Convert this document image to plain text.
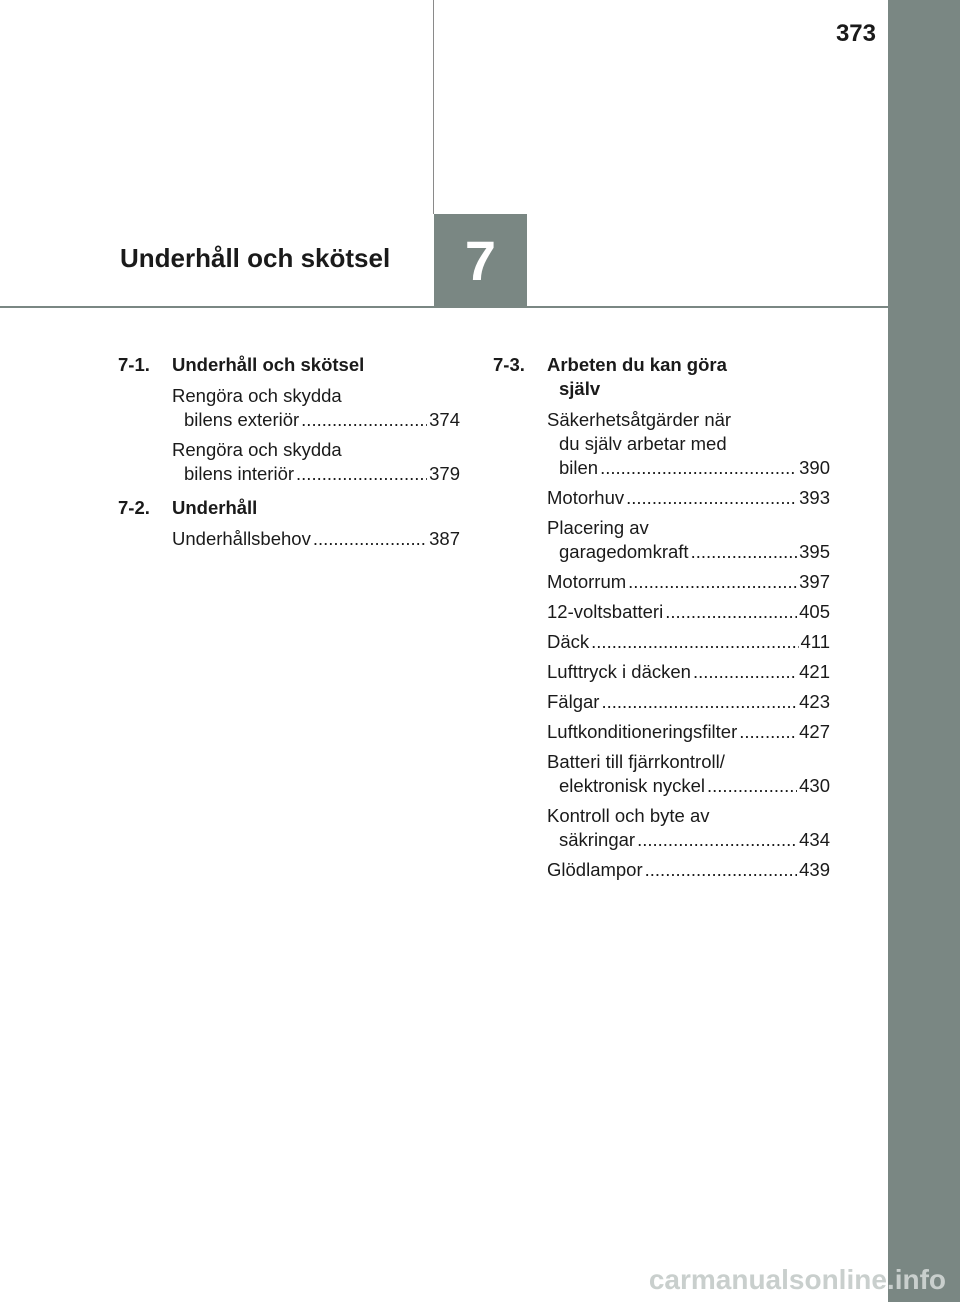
373
7
Underhåll och skötsel
7-1.	Underhåll och skötsel
Rengöra och skydda
bilens exteriör .....	374
Rengöra och skydda
bilens interiör .....	379
7-2.	Underhåll
Underhållsbehov .....	387
7-3.	Arbeten du kan göra
själv
Säkerhetsåtgärder när
du själv arbetar med
bilen .....	390
Motorhuv .....	393
Placering av
garagedomkraft .....	395
Motorrum .....	397
12-voltsbatteri .....	405
Däck .....	411
Lufttryck i däcken .....	421
Fälgar .....	423
Luftkonditioneringsfilter .....	427
Batteri till fjärrkontroll/
elektronisk nyckel .....	430
Kontroll och byte av
säkringar .....	434
Glödlampor .....	439
carmanualsonline.info
